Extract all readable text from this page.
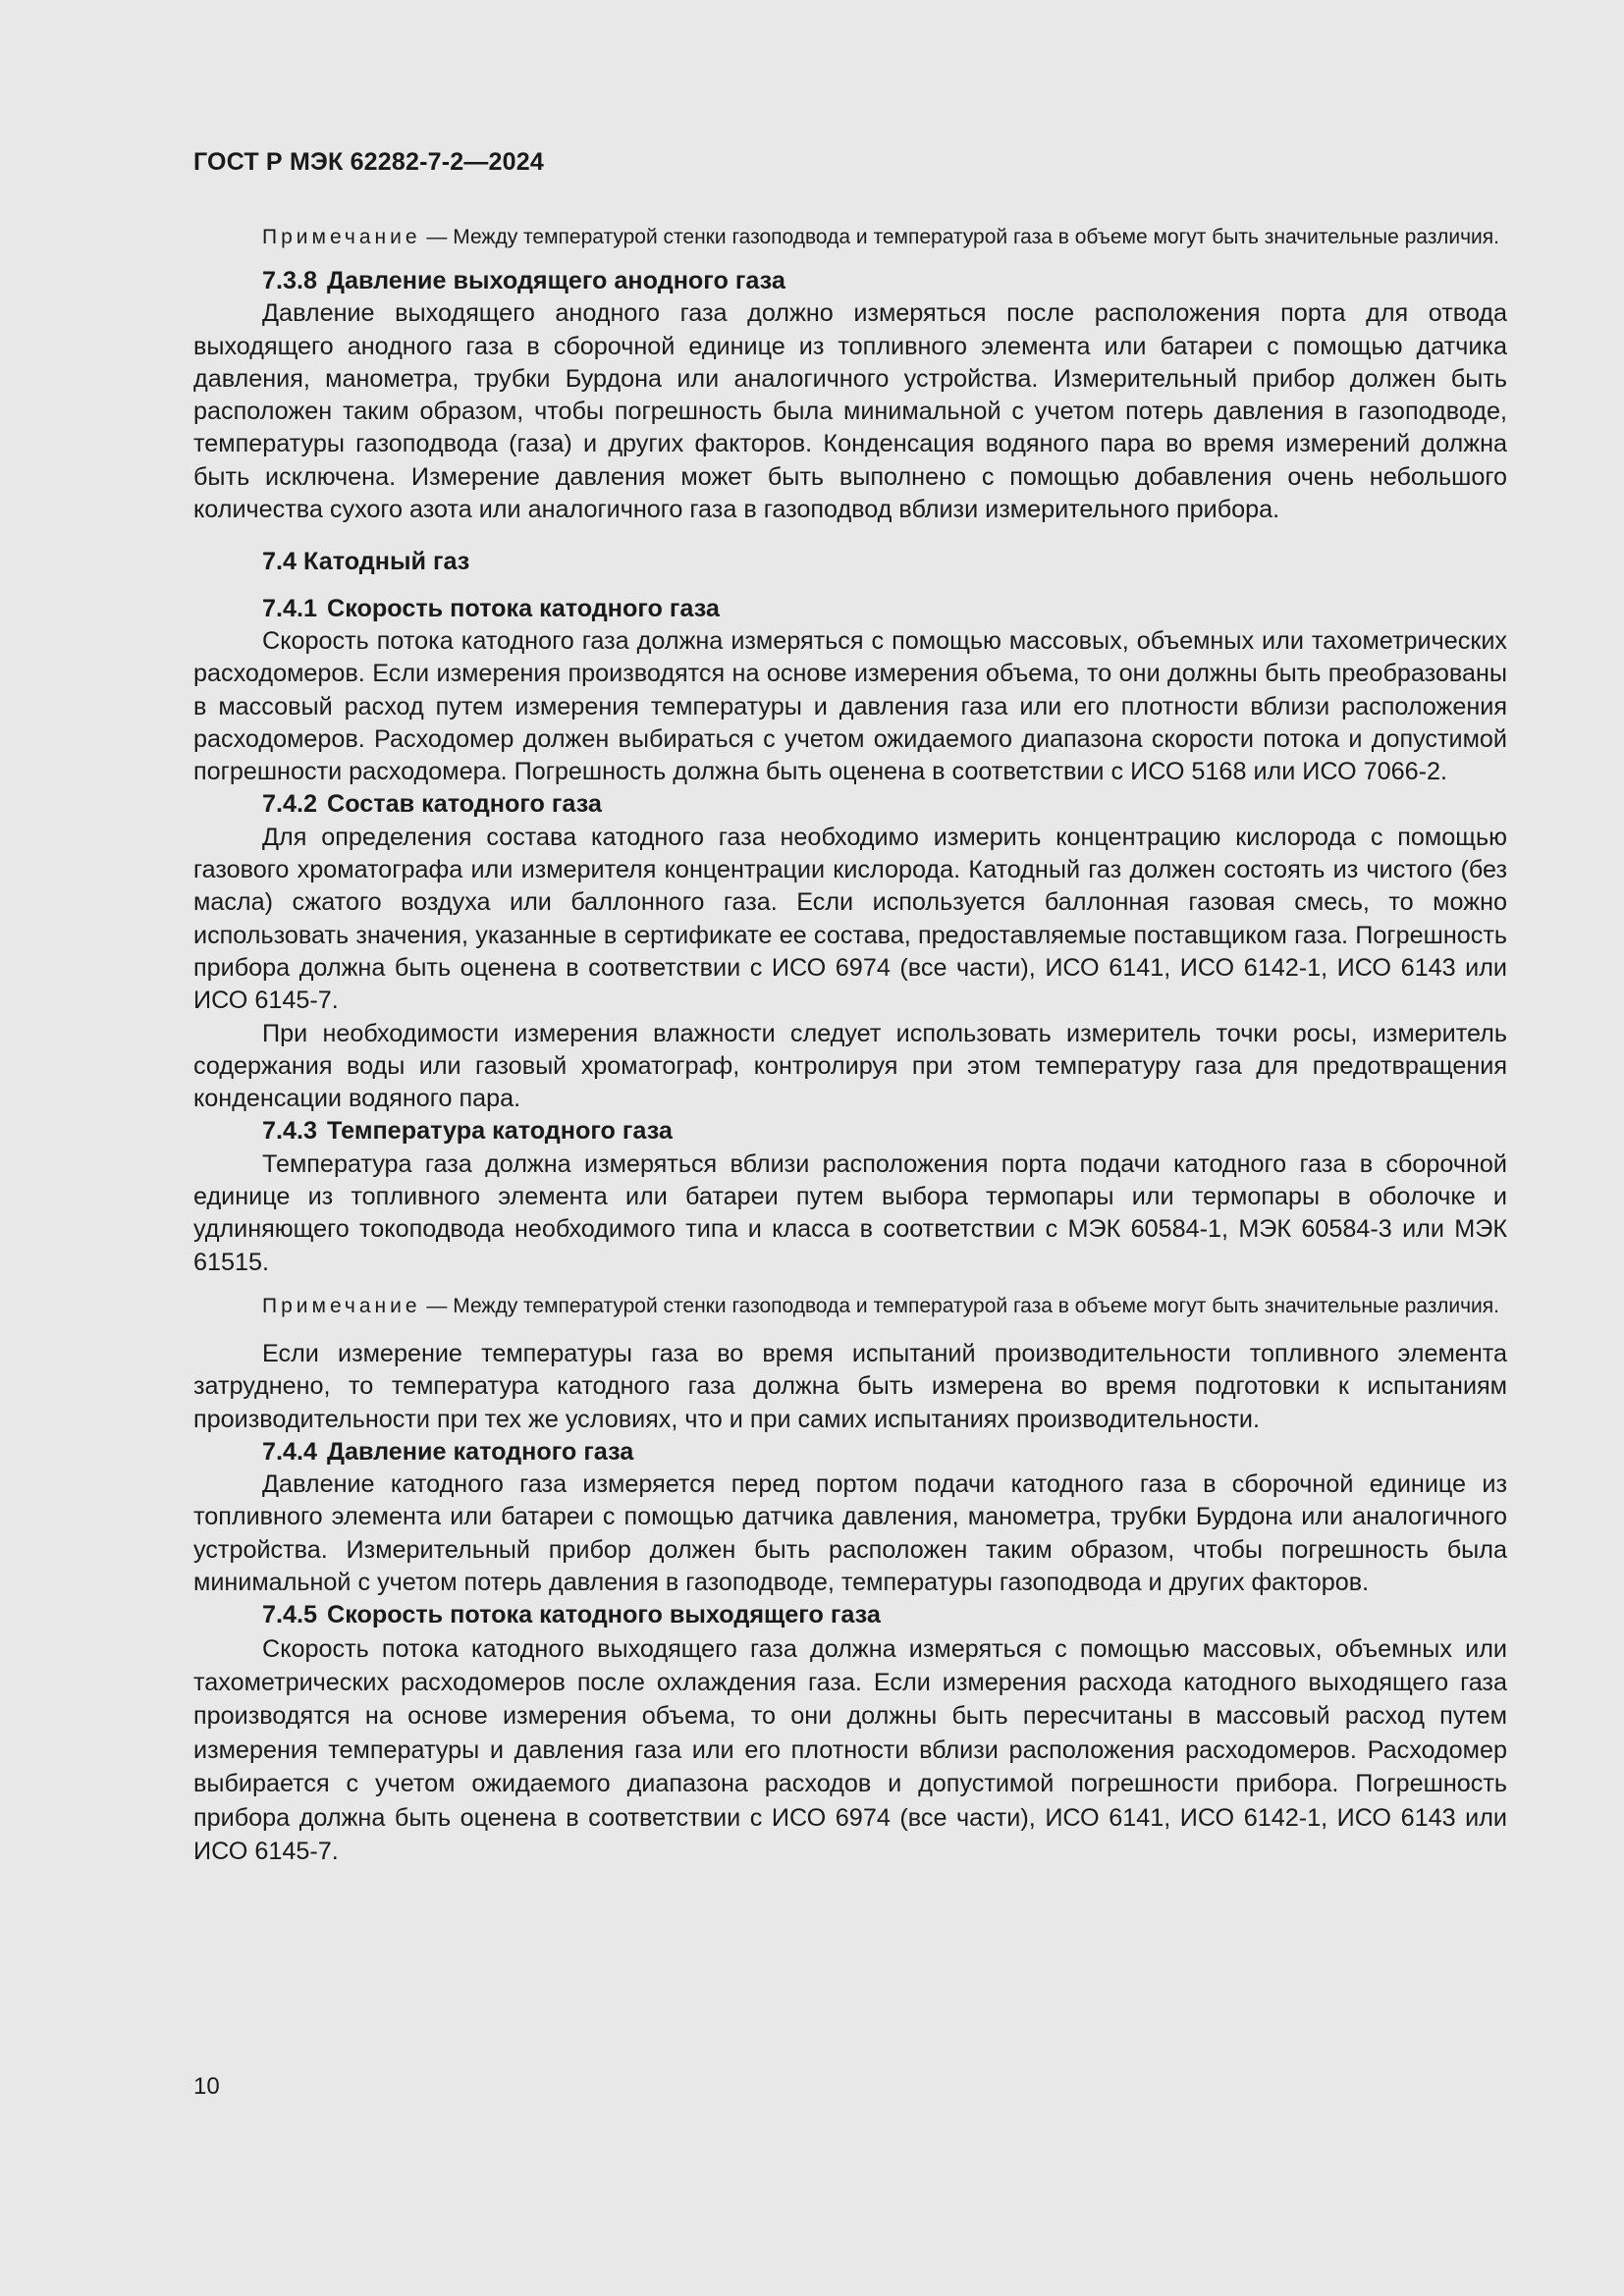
ГОСТ Р МЭК 62282-7-2—2024

Примечание — Между температурой стенки газоподвода и температурой газа в объеме могут быть значительные различия.

7.3.8 Давление выходящего анодного газа

Давление выходящего анодного газа должно измеряться после расположения порта для отвода выходящего анодного газа в сборочной единице из топливного элемента или батареи с помощью датчика давления, манометра, трубки Бурдона или аналогичного устройства. Измерительный прибор должен быть расположен таким образом, чтобы погрешность была минимальной с учетом потерь давления в газоподводе, температуры газоподвода (газа) и других факторов. Конденсация водяного пара во время измерений должна быть исключена. Измерение давления может быть выполнено с помощью добавления очень небольшого количества сухого азота или аналогичного газа в газоподвод вблизи измерительного прибора.

7.4 Катодный газ
7.4.1 Скорость потока катодного газа

Скорость потока катодного газа должна измеряться с помощью массовых, объемных или тахометрических расходомеров. Если измерения производятся на основе измерения объема, то они должны быть преобразованы в массовый расход путем измерения температуры и давления газа или его плотности вблизи расположения расходомеров. Расходомер должен выбираться с учетом ожидаемого диапазона скорости потока и допустимой погрешности расходомера. Погрешность должна быть оценена в соответствии с ИСО 5168 или ИСО 7066-2.

7.4.2 Состав катодного газа

Для определения состава катодного газа необходимо измерить концентрацию кислорода с помощью газового хроматографа или измерителя концентрации кислорода. Катодный газ должен состоять из чистого (без масла) сжатого воздуха или баллонного газа. Если используется баллонная газовая смесь, то можно использовать значения, указанные в сертификате ее состава, предоставляемые поставщиком газа. Погрешность прибора должна быть оценена в соответствии с ИСО 6974 (все части), ИСО 6141, ИСО 6142-1, ИСО 6143 или ИСО 6145-7.

При необходимости измерения влажности следует использовать измеритель точки росы, измеритель содержания воды или газовый хроматограф, контролируя при этом температуру газа для предотвращения конденсации водяного пара.

7.4.3 Температура катодного газа

Температура газа должна измеряться вблизи расположения порта подачи катодного газа в сборочной единице из топливного элемента или батареи путем выбора термопары или термопары в оболочке и удлиняющего токоподвода необходимого типа и класса в соответствии с МЭК 60584-1, МЭК 60584-3 или МЭК 61515.

Примечание — Между температурой стенки газоподвода и температурой газа в объеме могут быть значительные различия.

Если измерение температуры газа во время испытаний производительности топливного элемента затруднено, то температура катодного газа должна быть измерена во время подготовки к испытаниям производительности при тех же условиях, что и при самих испытаниях производительности.

7.4.4 Давление катодного газа

Давление катодного газа измеряется перед портом подачи катодного газа в сборочной единице из топливного элемента или батареи с помощью датчика давления, манометра, трубки Бурдона или аналогичного устройства. Измерительный прибор должен быть расположен таким образом, чтобы погрешность была минимальной с учетом потерь давления в газоподводе, температуры газоподвода и других факторов.

7.4.5 Скорость потока катодного выходящего газа

Скорость потока катодного выходящего газа должна измеряться с помощью массовых, объемных или тахометрических расходомеров после охлаждения газа. Если измерения расхода катодного выходящего газа производятся на основе измерения объема, то они должны быть пересчитаны в массовый расход путем измерения температуры и давления газа или его плотности вблизи расположения расходомеров. Расходомер выбирается с учетом ожидаемого диапазона расходов и допустимой погрешности прибора. Погрешность прибора должна быть оценена в соответствии с ИСО 6974 (все части), ИСО 6141, ИСО 6142-1, ИСО 6143 или ИСО 6145-7.

10
